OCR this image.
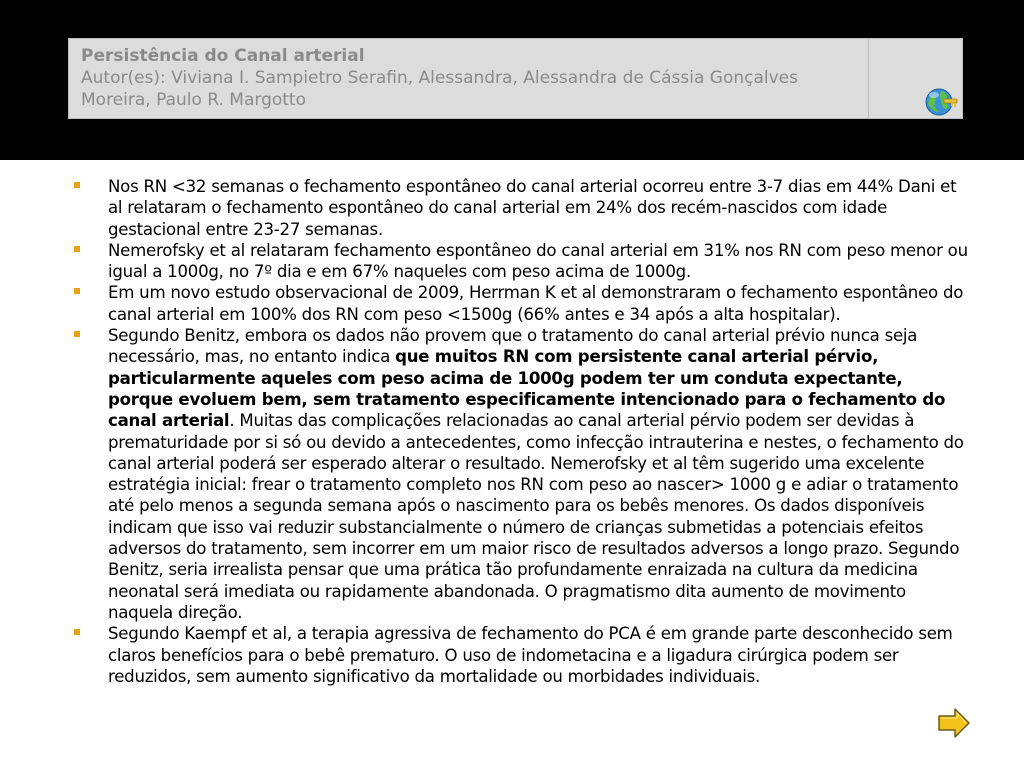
Persistência do Canal arterial
Autor(es): Viviana I. Sampietro Serafin, Alessandra, Alessandra de Cássia Gonçalves Moreira, Paulo R. Margotto
Nos RN <32 semanas o fechamento espontâneo do canal arterial ocorreu entre 3-7 dias em 44% Dani et al relataram o fechamento espontâneo do canal arterial em 24% dos recém-nascidos com idade gestacional entre 23-27 semanas.
Nemerofsky et al relataram fechamento espontâneo do canal arterial em 31% nos RN com peso menor ou igual a 1000g, no 7º dia e em 67% naqueles com peso acima de 1000g.
Em um novo estudo observacional de 2009, Herrman K et al demonstraram o fechamento espontâneo do canal arterial em 100% dos RN com peso <1500g (66% antes e 34 após a alta hospitalar).
Segundo Benitz, embora os dados não provem que o tratamento do canal arterial prévio nunca seja necessário, mas, no entanto indica que muitos RN com persistente canal arterial pérvio, particularmente aqueles com peso acima de 1000g podem ter um conduta expectante, porque evoluem bem, sem tratamento especificamente intencionado para o fechamento do canal arterial. Muitas das complicações relacionadas ao canal arterial pérvio podem ser devidas à prematuridade por si só ou devido a antecedentes, como infecção intrauterina e nestes, o fechamento do canal arterial poderá ser esperado alterar o resultado. Nemerofsky et al têm sugerido uma excelente estratégia inicial: frear o tratamento completo nos RN com peso ao nascer> 1000 g e adiar o tratamento até pelo menos a segunda semana após o nascimento para os bebês menores. Os dados disponíveis indicam que isso vai reduzir substancialmente o número de crianças submetidas a potenciais efeitos adversos do tratamento, sem incorrer em um maior risco de resultados adversos a longo prazo. Segundo Benitz, seria irrealista pensar que uma prática tão profundamente enraizada na cultura da medicina neonatal será imediata ou rapidamente abandonada. O pragmatismo dita aumento de movimento naquela direção.
Segundo Kaempf et al, a terapia agressiva de fechamento do PCA é em grande parte desconhecido sem claros benefícios para o bebê prematuro. O uso de indometacina e a ligadura cirúrgica podem ser reduzidos, sem aumento significativo da mortalidade ou morbidades individuais.
